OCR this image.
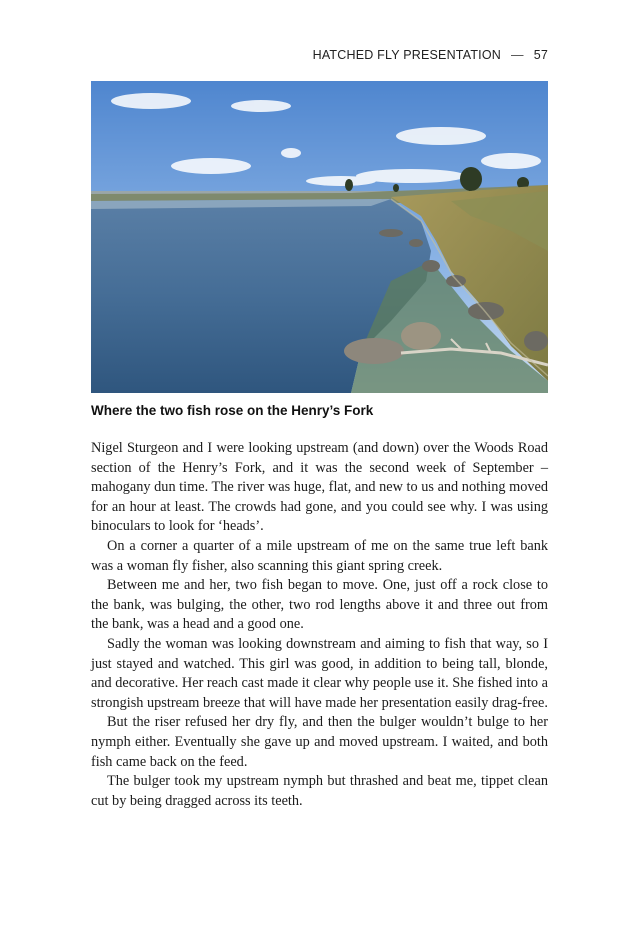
HATCHED FLY PRESENTATION — 57
Where the two fish rose on the Henry’s Fork

Nigel Sturgeon and I were looking upstream (and down) over the Woods Road section of the Henry’s Fork, and it was the second week of September – mahogany dun time. The river was huge, flat, and new to us and nothing moved for an hour at least. The crowds had gone, and you could see why. I was using binoculars to look for ‘heads’.

On a corner a quarter of a mile upstream of me on the same true left bank was a woman fly fisher, also scanning this giant spring creek.

Between me and her, two fish began to move. One, just off a rock close to the bank, was bulging, the other, two rod lengths above it and three out from the bank, was a head and a good one.

Sadly the woman was looking downstream and aiming to fish that way, so I just stayed and watched. This girl was good, in addition to being tall, blonde, and decorative. Her reach cast made it clear why people use it. She fished into a strongish upstream breeze that will have made her presentation easily drag-free.

But the riser refused her dry fly, and then the bulger wouldn’t bulge to her nymph either. Eventually she gave up and moved upstream. I waited, and both fish came back on the feed.

The bulger took my upstream nymph but thrashed and beat me, tippet clean cut by being dragged across its teeth.
